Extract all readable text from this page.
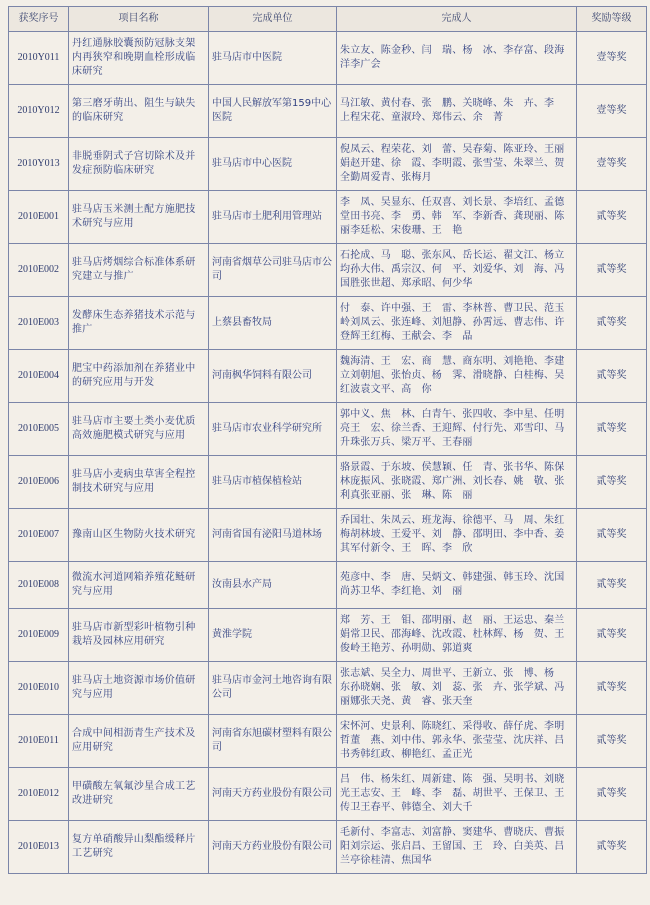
获奖序号	项目名称	完成单位	完成人	奖励等级
2010Y011	丹红通脉胶囊预防冠脉支架内再狭窄和晚期血栓形成临床研究	驻马店市中医院	朱立友、陈金秒、闫　瑞、杨　冰、李存富、段海洋李广会	壹等奖
2010Y012	第三磨牙萌出、阻生与缺失的临床研究	中国人民解放军第159中心医院	马江敏、黄付春、张　鹏、关晓峰、朱　卉、李　上程宋花、童淑玲、郑伟云、余　菁	壹等奖
2010Y013	非脱垂阴式子宫切除术及并发症预防临床研究	驻马店市中心医院	倪凤云、程荣花、刘　蕾、吴春菊、陈亚玲、王丽娟赵开建、徐　霞、李明霞、张雪莹、朱翠兰、贺全勤周爱青、张梅月	壹等奖
2010E001	驻马店玉米测土配方施肥技术研究与应用	驻马店市土肥利用管理站	李　凤、吴显东、任双喜、刘长景、李培红、孟德堂田书亮、李　勇、韩　军、李新香、龚现丽、陈　丽李廷松、宋俊珊、王　艳	贰等奖
2010E002	驻马店烤烟综合标准体系研究建立与推广	河南省烟草公司驻马店市公司	石抡成、马　聪、张东风、岳长运、翟文江、杨立均孙大伟、禹宗汉、何　平、刘爱华、刘　海、冯国胜张世超、郑承昭、何少华	贰等奖
2010E003	发酵床生态养猪技术示范与推广	上蔡县畜牧局	付　泰、许中强、王　雷、李林普、曹卫民、范玉岭刘凤云、张连峰、刘旭静、孙霄远、曹志伟、许登辉王红梅、王献会、李　晶	贰等奖
2010E004	肥宝中药添加剂在养猪业中的研究应用与开发	河南枫华饲料有限公司	魏海清、王　宏、商　慧、商东明、刘艳艳、李建立刘朝旭、张怡贞、杨　霁、滑晓静、白桂梅、吴红波袁文平、高　你	贰等奖
2010E005	驻马店市主要土类小麦优质高效施肥模式研究与应用	驻马店市农业科学研究所	郭中义、焦　林、白青午、张四收、李中星、任明亮王　宏、徐兰香、王迎辉、付行先、邓雪印、马升珠张万兵、梁万平、王春丽	贰等奖
2010E006	驻马店小麦病虫草害全程控制技术研究与应用	驻马店市植保植检站	骆景霞、于东坡、侯慧颖、任　青、张书华、陈保林庞振风、张晓霞、郑广洲、刘长春、姚　敬、张利真张亚丽、张　琳、陈　丽	贰等奖
2010E007	豫南山区生物防火技术研究	河南省国有泌阳马道林场	乔国壮、朱凤云、班龙海、徐德平、马　周、朱红梅胡林坡、王爱平、刘　静、邵明田、李中香、姜其军付新令、王　晖、李　欣	贰等奖
2010E008	微流水河道网箱养殖花鲢研究与应用	汝南县水产局	苑彦中、李　唐、吴炳文、韩建强、韩玉玲、沈国尚苏卫华、李红艳、刘　丽	贰等奖
2010E009	驻马店市新型彩叶植物引种栽培及园林应用研究	黄淮学院	郑　芳、王　钼、邵明丽、赵　丽、王运忠、秦兰娟常卫民、邵海峰、沈改霞、杜林辉、杨　贺、王俊岭王艳芳、孙明勋、郭道爽	贰等奖
2010E010	驻马店土地资源市场价值研究与应用	驻马店市金河土地咨询有限公司	张志斌、吴全力、周世平、王新立、张　博、杨　东孙晓娴、张　敏、刘　蕊、张　卉、张学斌、冯丽娜张天尧、黄　睿、张天奎	贰等奖
2010E011	合成中间相沥青生产技术及应用研究	河南省东旭碳材塑料有限公司	宋怀河、史景利、陈晓红、采得收、薛仔虎、李明哲董　燕、刘中伟、郭永华、张莹莹、沈庆祥、吕书秀韩红政、柳艳红、孟正光	贰等奖
2010E012	甲磺酸左氧氟沙星合成工艺改进研究	河南天方药业股份有限公司	吕　伟、杨朱红、周新建、陈　强、吴明书、刘晓光王志安、王　峰、李　磊、胡世平、王保卫、王传卫王春平、韩德全、刘大千	贰等奖
2010E013	复方单硝酸异山梨酯缓释片工艺研究	河南天方药业股份有限公司	毛新付、李富志、刘富静、窦建华、曹晓庆、曹振阳刘宗运、张启昌、王留国、王　玲、白美英、吕兰亭徐桂清、焦国华	贰等奖
